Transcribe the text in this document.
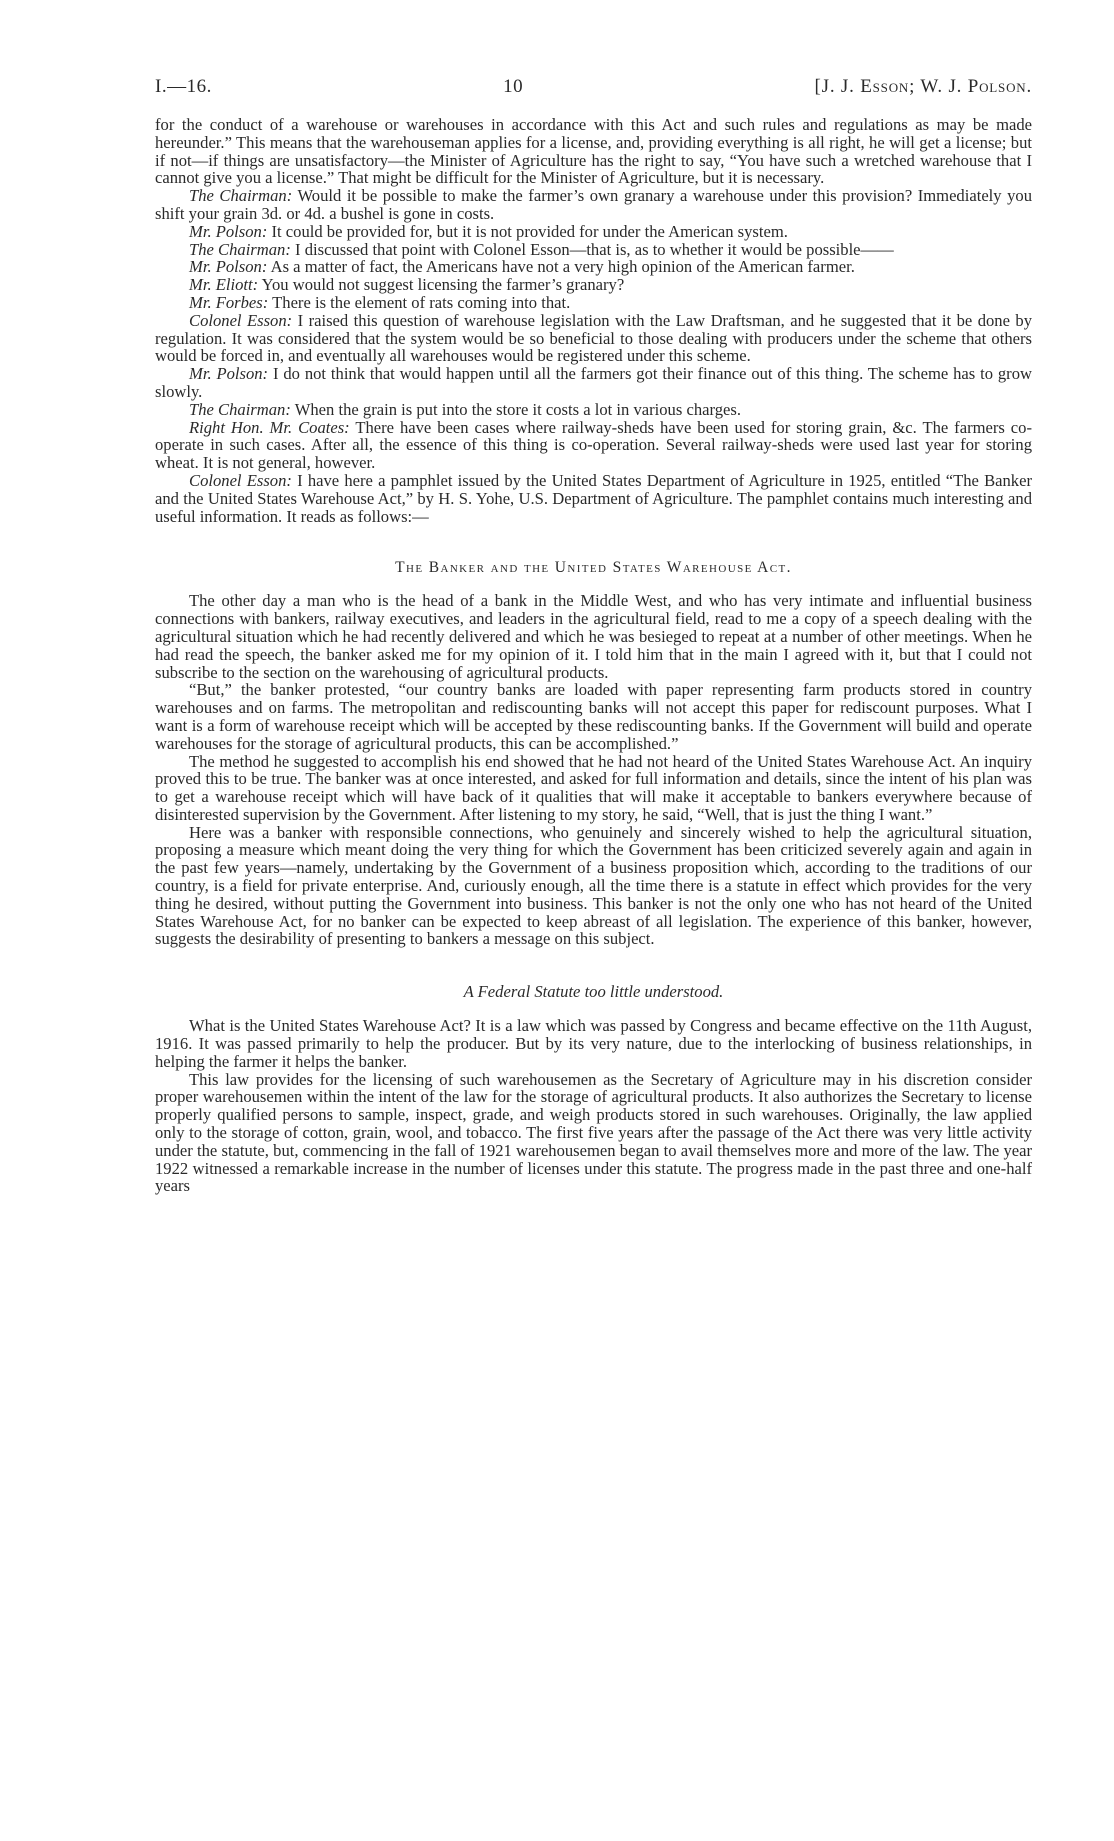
I.—16.	10	[J. J. Esson; W. J. Polson.

for the conduct of a warehouse or warehouses in accordance with this Act and such rules and regulations as may be made hereunder.” This means that the warehouseman applies for a license, and, providing everything is all right, he will get a license; but if not—if things are unsatisfactory—the Minister of Agriculture has the right to say, “You have such a wretched warehouse that I cannot give you a license.” That might be difficult for the Minister of Agriculture, but it is necessary.

The Chairman: Would it be possible to make the farmer’s own granary a warehouse under this provision? Immediately you shift your grain 3d. or 4d. a bushel is gone in costs.

Mr. Polson: It could be provided for, but it is not provided for under the American system.

The Chairman: I discussed that point with Colonel Esson—that is, as to whether it would be possible——

Mr. Polson: As a matter of fact, the Americans have not a very high opinion of the American farmer.

Mr. Eliott: You would not suggest licensing the farmer’s granary?

Mr. Forbes: There is the element of rats coming into that.

Colonel Esson: I raised this question of warehouse legislation with the Law Draftsman, and he suggested that it be done by regulation. It was considered that the system would be so beneficial to those dealing with producers under the scheme that others would be forced in, and eventually all warehouses would be registered under this scheme.

Mr. Polson: I do not think that would happen until all the farmers got their finance out of this thing. The scheme has to grow slowly.

The Chairman: When the grain is put into the store it costs a lot in various charges.

Right Hon. Mr. Coates: There have been cases where railway-sheds have been used for storing grain, &c. The farmers co-operate in such cases. After all, the essence of this thing is co-operation. Several railway-sheds were used last year for storing wheat. It is not general, however.

Colonel Esson: I have here a pamphlet issued by the United States Department of Agriculture in 1925, entitled “The Banker and the United States Warehouse Act,” by H. S. Yohe, U.S. Department of Agriculture. The pamphlet contains much interesting and useful information. It reads as follows:—

The Banker and the United States Warehouse Act.

The other day a man who is the head of a bank in the Middle West, and who has very intimate and influential business connections with bankers, railway executives, and leaders in the agricultural field, read to me a copy of a speech dealing with the agricultural situation which he had recently delivered and which he was besieged to repeat at a number of other meetings. When he had read the speech, the banker asked me for my opinion of it. I told him that in the main I agreed with it, but that I could not subscribe to the section on the warehousing of agricultural products.

“But,” the banker protested, “our country banks are loaded with paper representing farm products stored in country warehouses and on farms. The metropolitan and rediscounting banks will not accept this paper for rediscount purposes. What I want is a form of warehouse receipt which will be accepted by these rediscounting banks. If the Government will build and operate warehouses for the storage of agricultural products, this can be accomplished.”

The method he suggested to accomplish his end showed that he had not heard of the United States Warehouse Act. An inquiry proved this to be true. The banker was at once interested, and asked for full information and details, since the intent of his plan was to get a warehouse receipt which will have back of it qualities that will make it acceptable to bankers everywhere because of disinterested supervision by the Government. After listening to my story, he said, “Well, that is just the thing I want.”

Here was a banker with responsible connections, who genuinely and sincerely wished to help the agricultural situation, proposing a measure which meant doing the very thing for which the Government has been criticized severely again and again in the past few years—namely, undertaking by the Government of a business proposition which, according to the traditions of our country, is a field for private enterprise. And, curiously enough, all the time there is a statute in effect which provides for the very thing he desired, without putting the Government into business. This banker is not the only one who has not heard of the United States Warehouse Act, for no banker can be expected to keep abreast of all legislation. The experience of this banker, however, suggests the desirability of presenting to bankers a message on this subject.

A Federal Statute too little understood.

What is the United States Warehouse Act? It is a law which was passed by Congress and became effective on the 11th August, 1916. It was passed primarily to help the producer. But by its very nature, due to the interlocking of business relationships, in helping the farmer it helps the banker.

This law provides for the licensing of such warehousemen as the Secretary of Agriculture may in his discretion consider proper warehousemen within the intent of the law for the storage of agricultural products. It also authorizes the Secretary to license properly qualified persons to sample, inspect, grade, and weigh products stored in such warehouses. Originally, the law applied only to the storage of cotton, grain, wool, and tobacco. The first five years after the passage of the Act there was very little activity under the statute, but, commencing in the fall of 1921 warehousemen began to avail themselves more and more of the law. The year 1922 witnessed a remarkable increase in the number of licenses under this statute. The progress made in the past three and one-half years
